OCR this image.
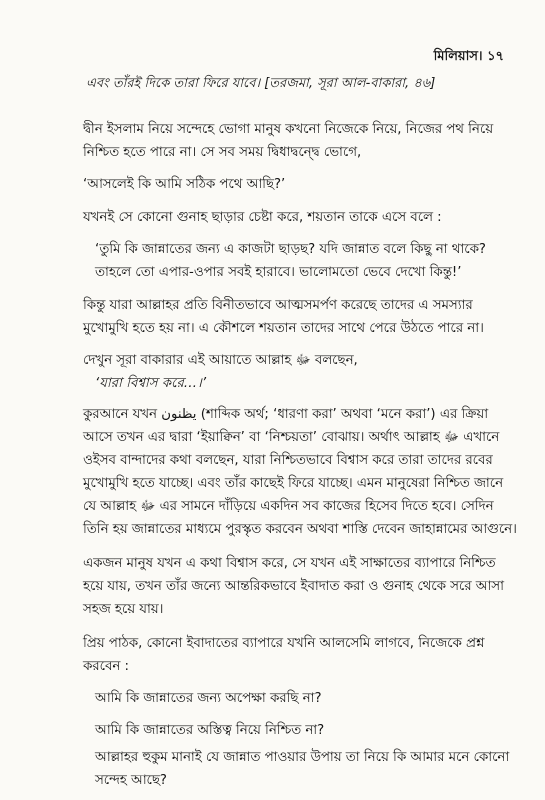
মিলিয়াস। ১৭
এবং তাঁরই দিকে তারা ফিরে যাবে। [তরজমা, সূরা আল-বাকারা, ৪৬]

দ্বীন ইসলাম নিয়ে সন্দেহে ভোগা মানুষ কখনো নিজেকে নিয়ে, নিজের পথ নিয়ে নিশ্চিত হতে পারে না। সে সব সময় দ্বিধাদ্বন্দ্বে ভোগে,

‘আসলেই কি আমি সঠিক পথে আছি?’

যখনই সে কোনো গুনাহ ছাড়ার চেষ্টা করে, শয়তান তাকে এসে বলে :

‘তুমি কি জান্নাতের জন্য এ কাজটা ছাড়ছ? যদি জান্নাত বলে কিছু না থাকে? তাহলে তো এপার-ওপার সবই হারাবে। ভালোমতো ভেবে দেখো কিন্তু!’

কিন্তু যারা আল্লাহর প্রতি বিনীতভাবে আত্মসমর্পণ করেছে তাদের এ সমস্যার মুখোমুখি হতে হয় না। এ কৌশলে শয়তান তাদের সাথে পেরে উঠতে পারে না।

দেখুন সূরা বাকারার এই আয়াতে আল্লাহ ﷻ বলছেন,

‘যারা বিশ্বাস করে…।’

কুরআনে যখন يظنون (শাব্দিক অর্থ; ‘ধারণা করা’ অথবা ‘মনে করা’) এর ক্রিয়া আসে তখন এর দ্বারা ‘ইয়াক্বিন’ বা ‘নিশ্চয়তা’ বোঝায়। অর্থাৎ আল্লাহ ﷻ এখানে ওইসব বান্দাদের কথা বলছেন, যারা নিশ্চিতভাবে বিশ্বাস করে তারা তাদের রবের মুখোমুখি হতে যাচ্ছে। এবং তাঁর কাছেই ফিরে যাচ্ছে। এমন মানুষেরা নিশ্চিত জানে যে আল্লাহ ﷻ এর সামনে দাঁড়িয়ে একদিন সব কাজের হিসেব দিতে হবে। সেদিন তিনি হয় জান্নাতের মাধ্যমে পুরস্কৃত করবেন অথবা শাস্তি দেবেন জাহান্নামের আগুনে।

একজন মানুষ যখন এ কথা বিশ্বাস করে, সে যখন এই সাক্ষাতের ব্যাপারে নিশ্চিত হয়ে যায়, তখন তাঁর জন্যে আন্তরিকভাবে ইবাদাত করা ও গুনাহ থেকে সরে আসা সহজ হয়ে যায়।

প্রিয় পাঠক, কোনো ইবাদাতের ব্যাপারে যখনি আলসেমি লাগবে, নিজেকে প্রশ্ন করবেন :

আমি কি জান্নাতের জন্য অপেক্ষা করছি না?

আমি কি জান্নাতের অস্তিত্ব নিয়ে নিশ্চিত না?

আল্লাহর হুকুম মানাই যে জান্নাত পাওয়ার উপায় তা নিয়ে কি আমার মনে কোনো সন্দেহ আছে?
